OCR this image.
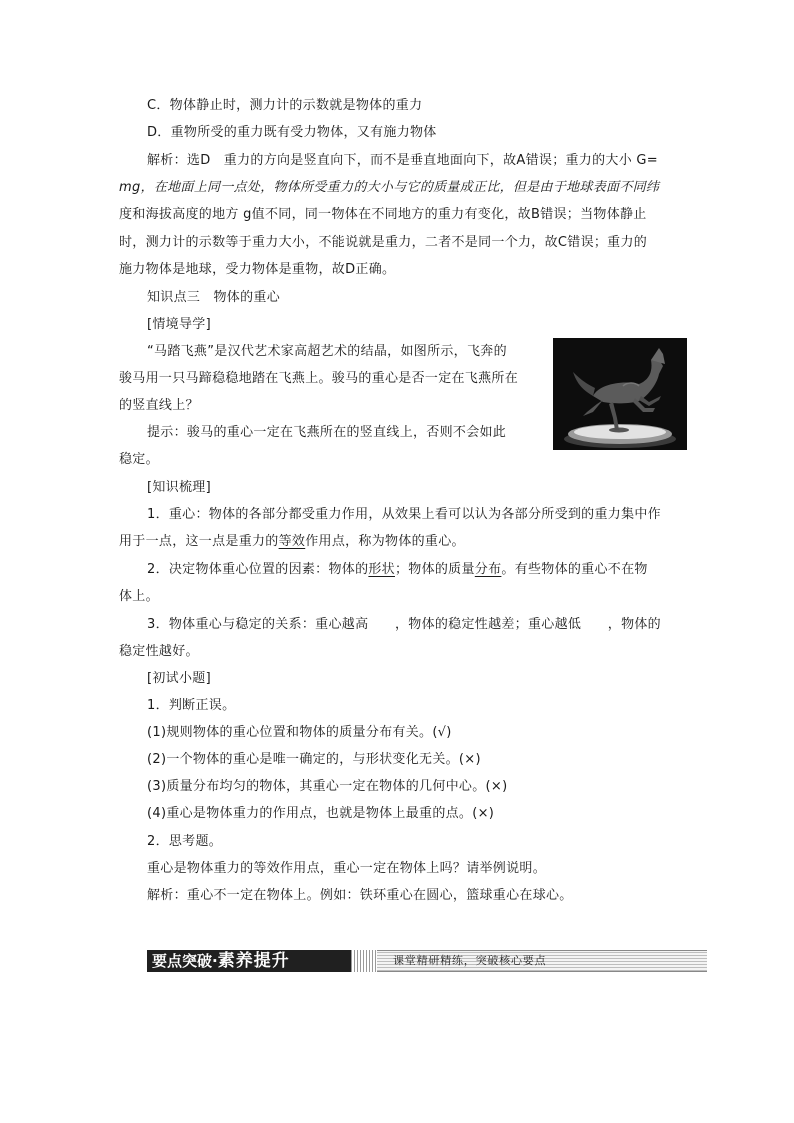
C．物体静止时，测力计的示数就是物体的重力
D．重物所受的重力既有受力物体，又有施力物体
解析：选D　重力的方向是竖直向下，而不是垂直地面向下，故A错误；重力的大小 G=
mg，在地面上同一点处，物体所受重力的大小与它的质量成正比，但是由于地球表面不同纬
度和海拔高度的地方 g值不同，同一物体在不同地方的重力有变化，故B错误；当物体静止
时，测力计的示数等于重力大小，不能说就是重力，二者不是同一个力，故C错误；重力的
施力物体是地球，受力物体是重物，故D正确。
知识点三　物体的重心
[情境导学]
“马踏飞燕”是汉代艺术家高超艺术的结晶，如图所示，飞奔的
骏马用一只马蹄稳稳地踏在飞燕上。骏马的重心是否一定在飞燕所在
的竖直线上？
提示：骏马的重心一定在飞燕所在的竖直线上，否则不会如此
稳定。
[知识梳理]
1．重心：物体的各部分都受重力作用，从效果上看可以认为各部分所受到的重力集中作
用于一点，这一点是重力的等效作用点，称为物体的重心。
2．决定物体重心位置的因素：物体的形状；物体的质量分布。有些物体的重心不在物
体上。
3．物体重心与稳定的关系：重心越高　　，物体的稳定性越差；重心越低　　，物体的
稳定性越好。
[初试小题]
1．判断正误。
(1)规则物体的重心位置和物体的质量分布有关。(√)
(2)一个物体的重心是唯一确定的，与形状变化无关。(×)
(3)质量分布均匀的物体，其重心一定在物体的几何中心。(×)
(4)重心是物体重力的作用点，也就是物体上最重的点。(×)
2．思考题。
重心是物体重力的等效作用点，重心一定在物体上吗？请举例说明。
解析：重心不一定在物体上。例如：铁环重心在圆心，篮球重心在球心。
要点突破·素养提升	课堂精研精练，突破核心要点
